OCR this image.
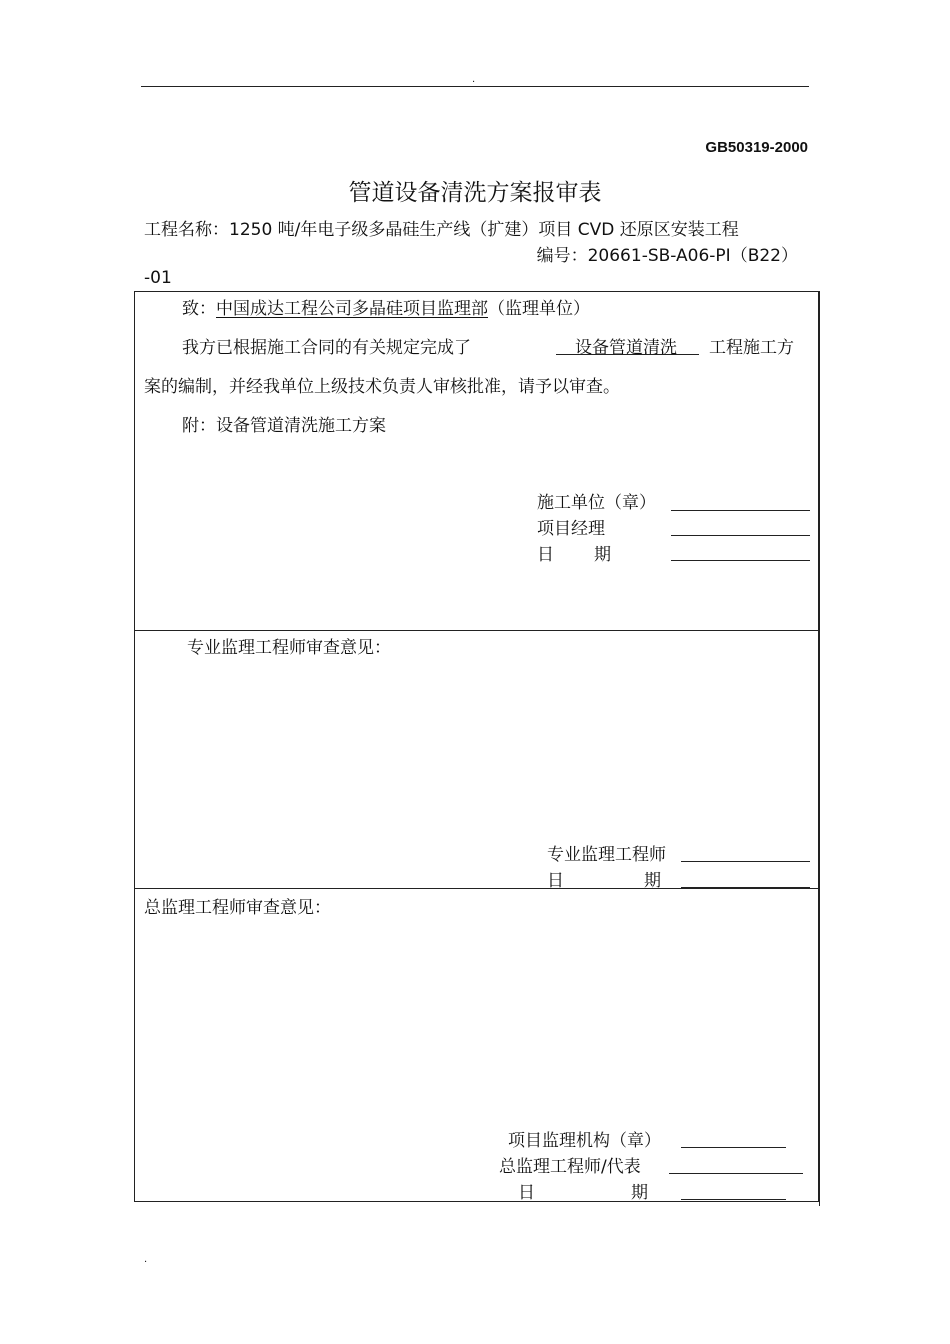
.
.
GB50319-2000
管道设备清洗方案报审表
工程名称：1250 吨/年电子级多晶硅生产线（扩建）项目 CVD 还原区安装工程
编号：20661-SB-A06-PI（B22）
-01
致：中国成达工程公司多晶硅项目监理部（监理单位）
我方已根据施工合同的有关规定完成了	设备管道清洗 工程施工方
案的编制，并经我单位上级技术负责人审核批准，请予以审查。
附：设备管道清洗施工方案
施工单位（章）
项目经理
日 期
专业监理工程师审查意见：
专业监理工程师
日	期
总监理工程师审查意见：
项目监理机构（章）
总监理工程师/代表
日	期
